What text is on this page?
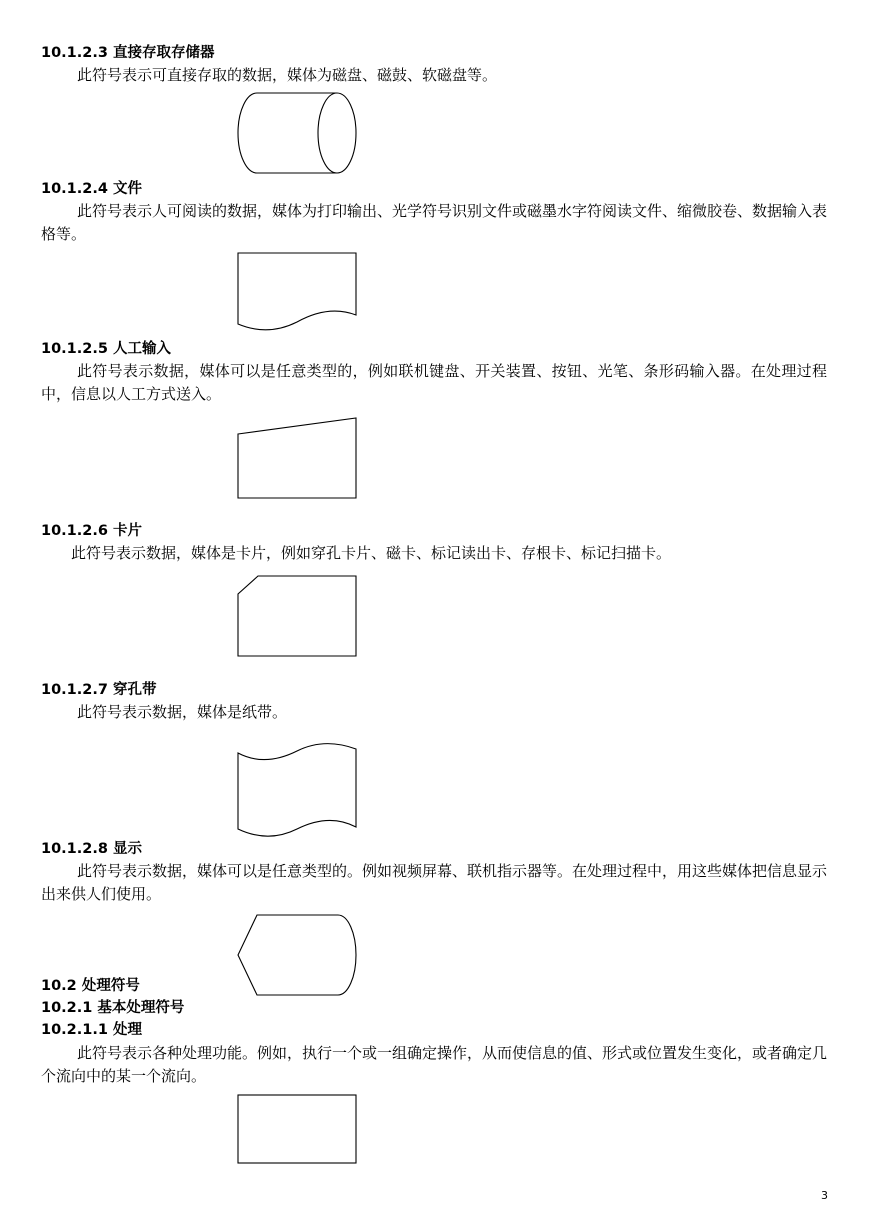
10.1.2.3 直接存取存储器
此符号表示可直接存取的数据，媒体为磁盘、磁鼓、软磁盘等。
10.1.2.4 文件
此符号表示人可阅读的数据，媒体为打印输出、光学符号识别文件或磁墨水字符阅读文件、缩微胶卷、数据输入表格等。
10.1.2.5 人工输入
此符号表示数据，媒体可以是任意类型的，例如联机键盘、开关装置、按钮、光笔、条形码输入器。在处理过程中，信息以人工方式送入。
10.1.2.6 卡片
此符号表示数据，媒体是卡片，例如穿孔卡片、磁卡、标记读出卡、存根卡、标记扫描卡。
10.1.2.7 穿孔带
此符号表示数据，媒体是纸带。
10.1.2.8 显示
此符号表示数据，媒体可以是任意类型的。例如视频屏幕、联机指示器等。在处理过程中，用这些媒体把信息显示出来供人们使用。
10.2 处理符号
10.2.1 基本处理符号
10.2.1.1 处理
此符号表示各种处理功能。例如，执行一个或一组确定操作，从而使信息的值、形式或位置发生变化，或者确定几个流向中的某一个流向。
3
